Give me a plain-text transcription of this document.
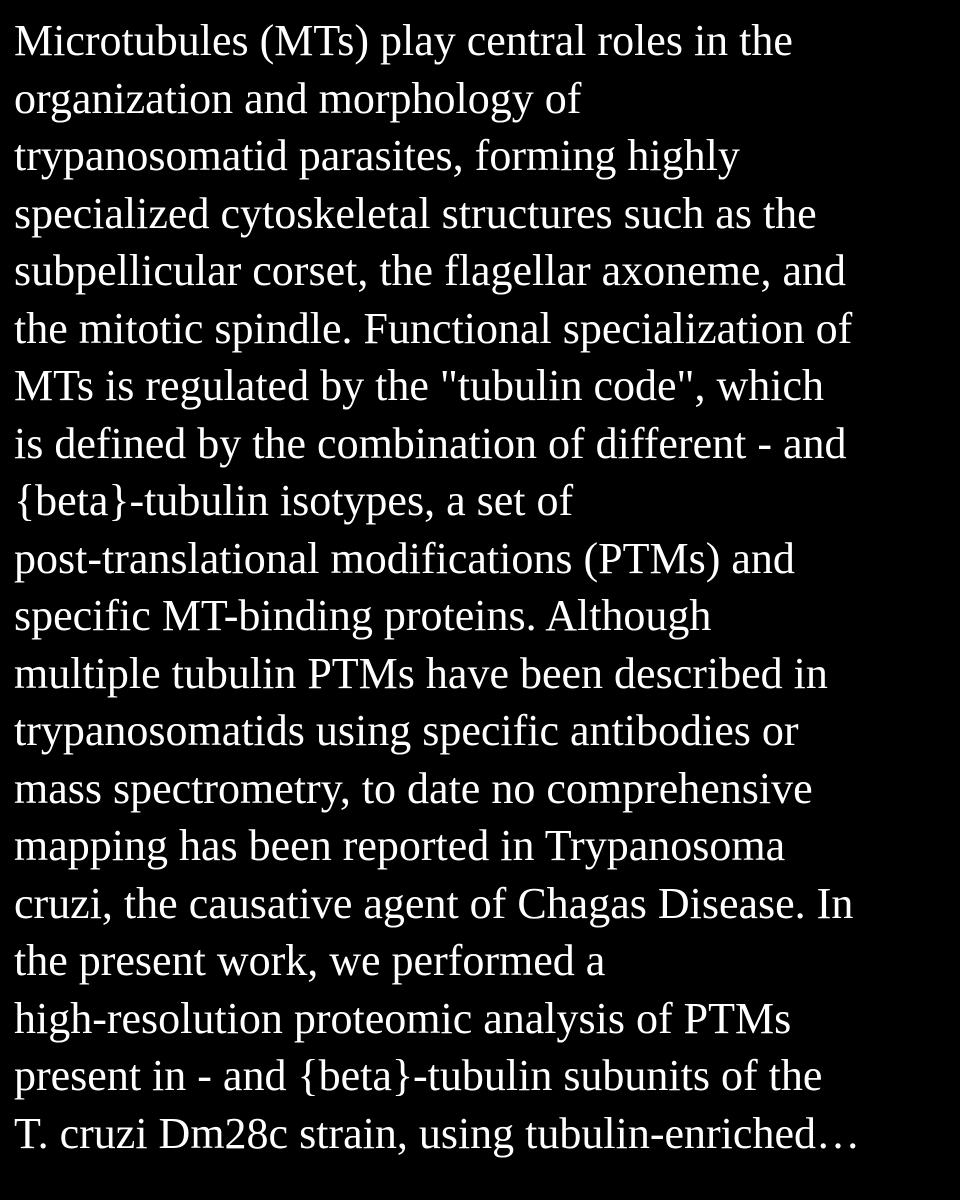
Microtubules (MTs) play central roles in the
organization and morphology of
trypanosomatid parasites, forming highly
specialized cytoskeletal structures such as the
subpellicular corset, the flagellar axoneme, and
the mitotic spindle. Functional specialization of
MTs is regulated by the "tubulin code", which
is defined by the combination of different - and
{beta}-tubulin isotypes, a set of
post-translational modifications (PTMs) and
specific MT-binding proteins. Although
multiple tubulin PTMs have been described in
trypanosomatids using specific antibodies or
mass spectrometry, to date no comprehensive
mapping has been reported in Trypanosoma
cruzi, the causative agent of Chagas Disease. In
the present work, we performed a
high-resolution proteomic analysis of PTMs
present in - and {beta}-tubulin subunits of the
T. cruzi Dm28c strain, using tubulin-enriched…
